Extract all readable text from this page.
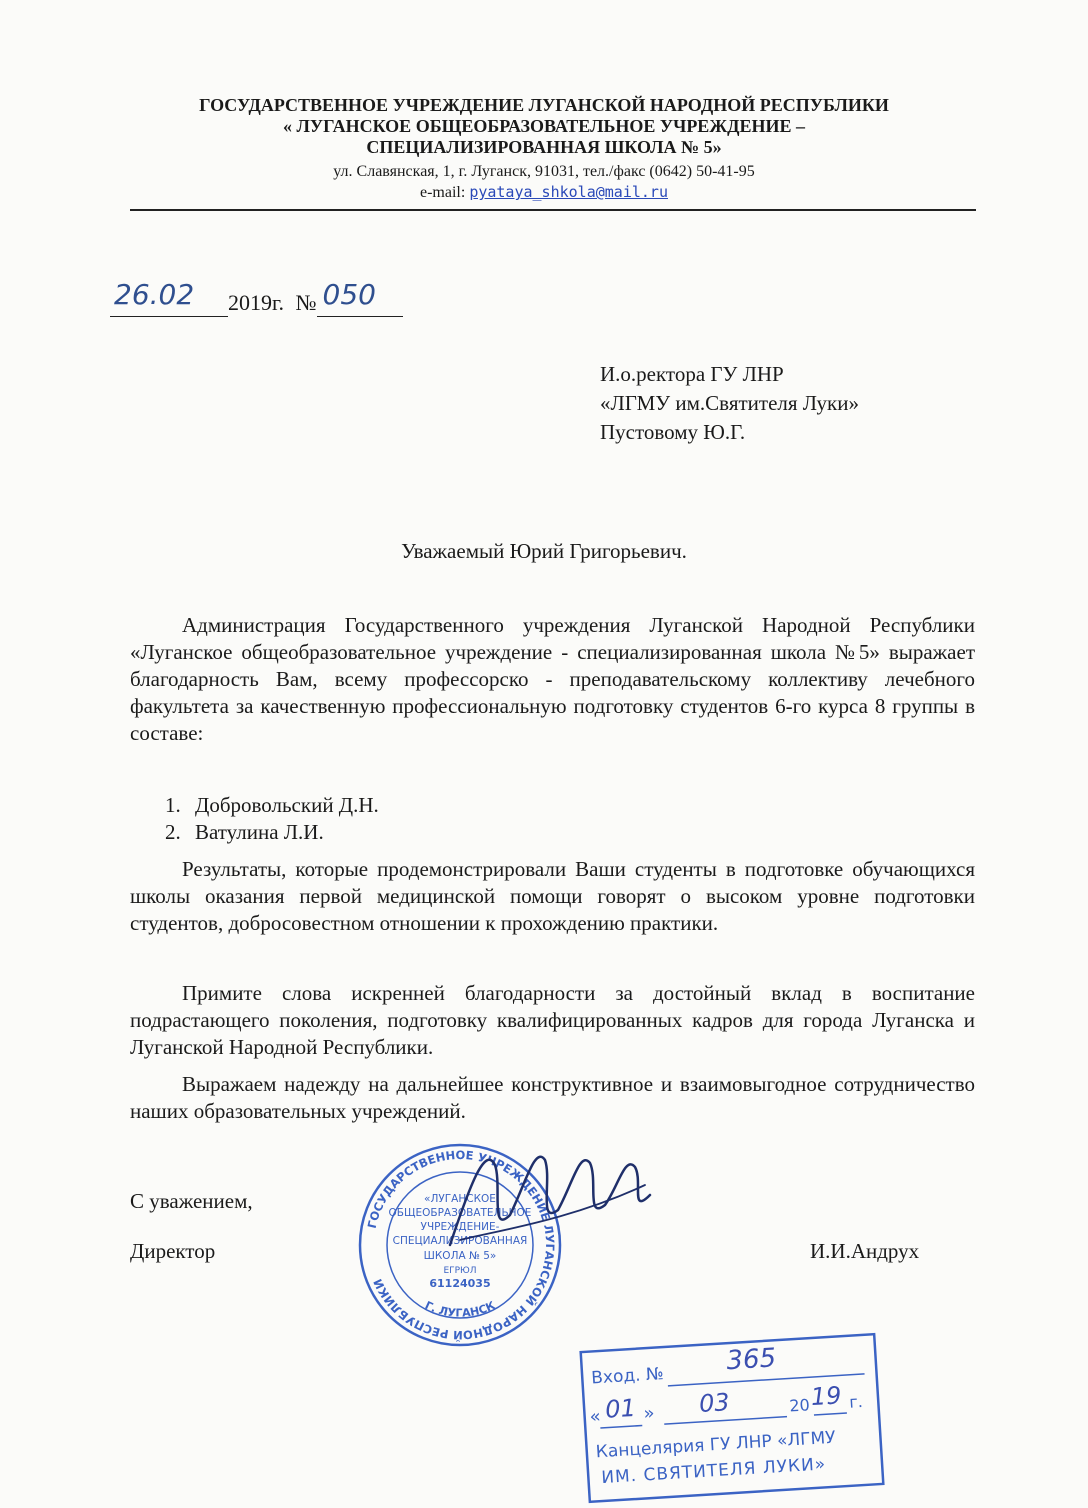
ГОСУДАРСТВЕННОЕ УЧРЕЖДЕНИЕ ЛУГАНСКОЙ НАРОДНОЙ РЕСПУБЛИКИ
« ЛУГАНСКОЕ ОБЩЕОБРАЗОВАТЕЛЬНОЕ УЧРЕЖДЕНИЕ –
СПЕЦИАЛИЗИРОВАННАЯ ШКОЛА № 5»
ул. Славянская, 1, г. Луганск, 91031, тел./факс (0642) 50-41-95
e-mail: pyataya_shkola@mail.ru
26.02 2019г. № 050

И.о.ректора ГУ ЛНР
«ЛГМУ им.Святителя Луки»
Пустовому Ю.Г.
Уважаемый Юрий Григорьевич.
Администрация Государственного учреждения Луганской Народной Республики «Луганское общеобразовательное учреждение - специализированная школа №5» выражает благодарность Вам, всему профессорско - преподавательскому коллективу лечебного факультета за качественную профессиональную подготовку студентов 6-го курса 8 группы в составе:
1. Добровольский Д.Н.
2. Ватулина Л.И.
Результаты, которые продемонстрировали Ваши студенты в подготовке обучающихся школы оказания первой медицинской помощи говорят о высоком уровне подготовки студентов, добросовестном отношении к прохождению практики.
Примите слова искренней благодарности за достойный вклад в воспитание подрастающего поколения, подготовку квалифицированных кадров для города Луганска и Луганской Народной Республики.
Выражаем надежду на дальнейшее конструктивное и взаимовыгодное сотрудничество наших образовательных учреждений.
С уважением,
Директор	И.И.Андрух
ГОСУДАРСТВЕННОЕ УЧРЕЖДЕНИЕ ЛУГАНСКОЙ НАРОДНОЙ РЕСПУБЛИКИ
Г. ЛУГАНСК
«ЛУГАНСКОЕ
ОБЩЕОБРАЗОВАТЕЛЬНОЕ
УЧРЕЖДЕНИЕ-
СПЕЦИАЛИЗИРОВАННАЯ
ШКОЛА № 5»
ЕГРЮЛ
61124035
Вход. №
365
« 01 » 03	20 19 г.
Канцелярия ГУ ЛНР «ЛГМУ
ИМ. СВЯТИТЕЛЯ ЛУКИ»
